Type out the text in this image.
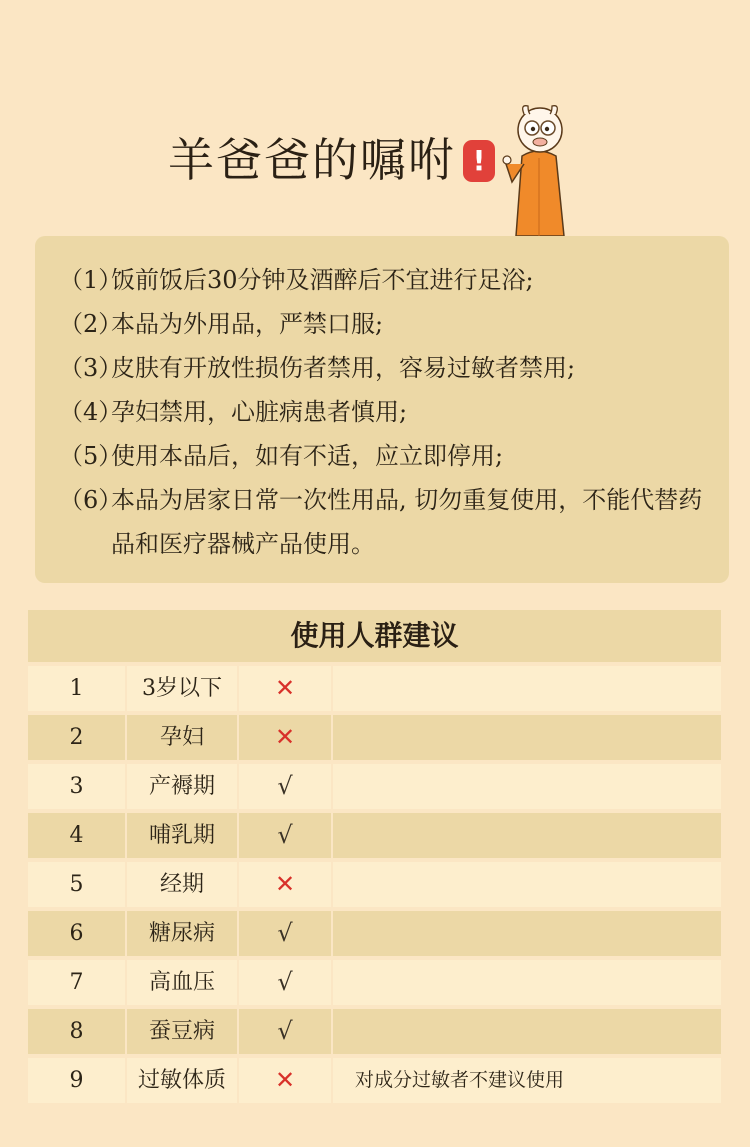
羊爸爸的嘱咐 !
（1）
饭前饭后30分钟及酒醉后不宜进行足浴;
（2）
本品为外用品，严禁口服;
（3）
皮肤有开放性损伤者禁用，容易过敏者禁用;
（4）
孕妇禁用，心脏病患者慎用;
（5）
使用本品后，如有不适，应立即停用;
（6）
本品为居家日常一次性用品, 切勿重复使用，不能代替药品和医疗器械产品使用。
使用人群建议
1	3岁以下	✕
2	孕妇	✕
3	产褥期	√
4	哺乳期	√
5	经期	✕
6	糖尿病	√
7	高血压	√
8	蚕豆病	√
9	过敏体质	✕	对成分过敏者不建议使用
